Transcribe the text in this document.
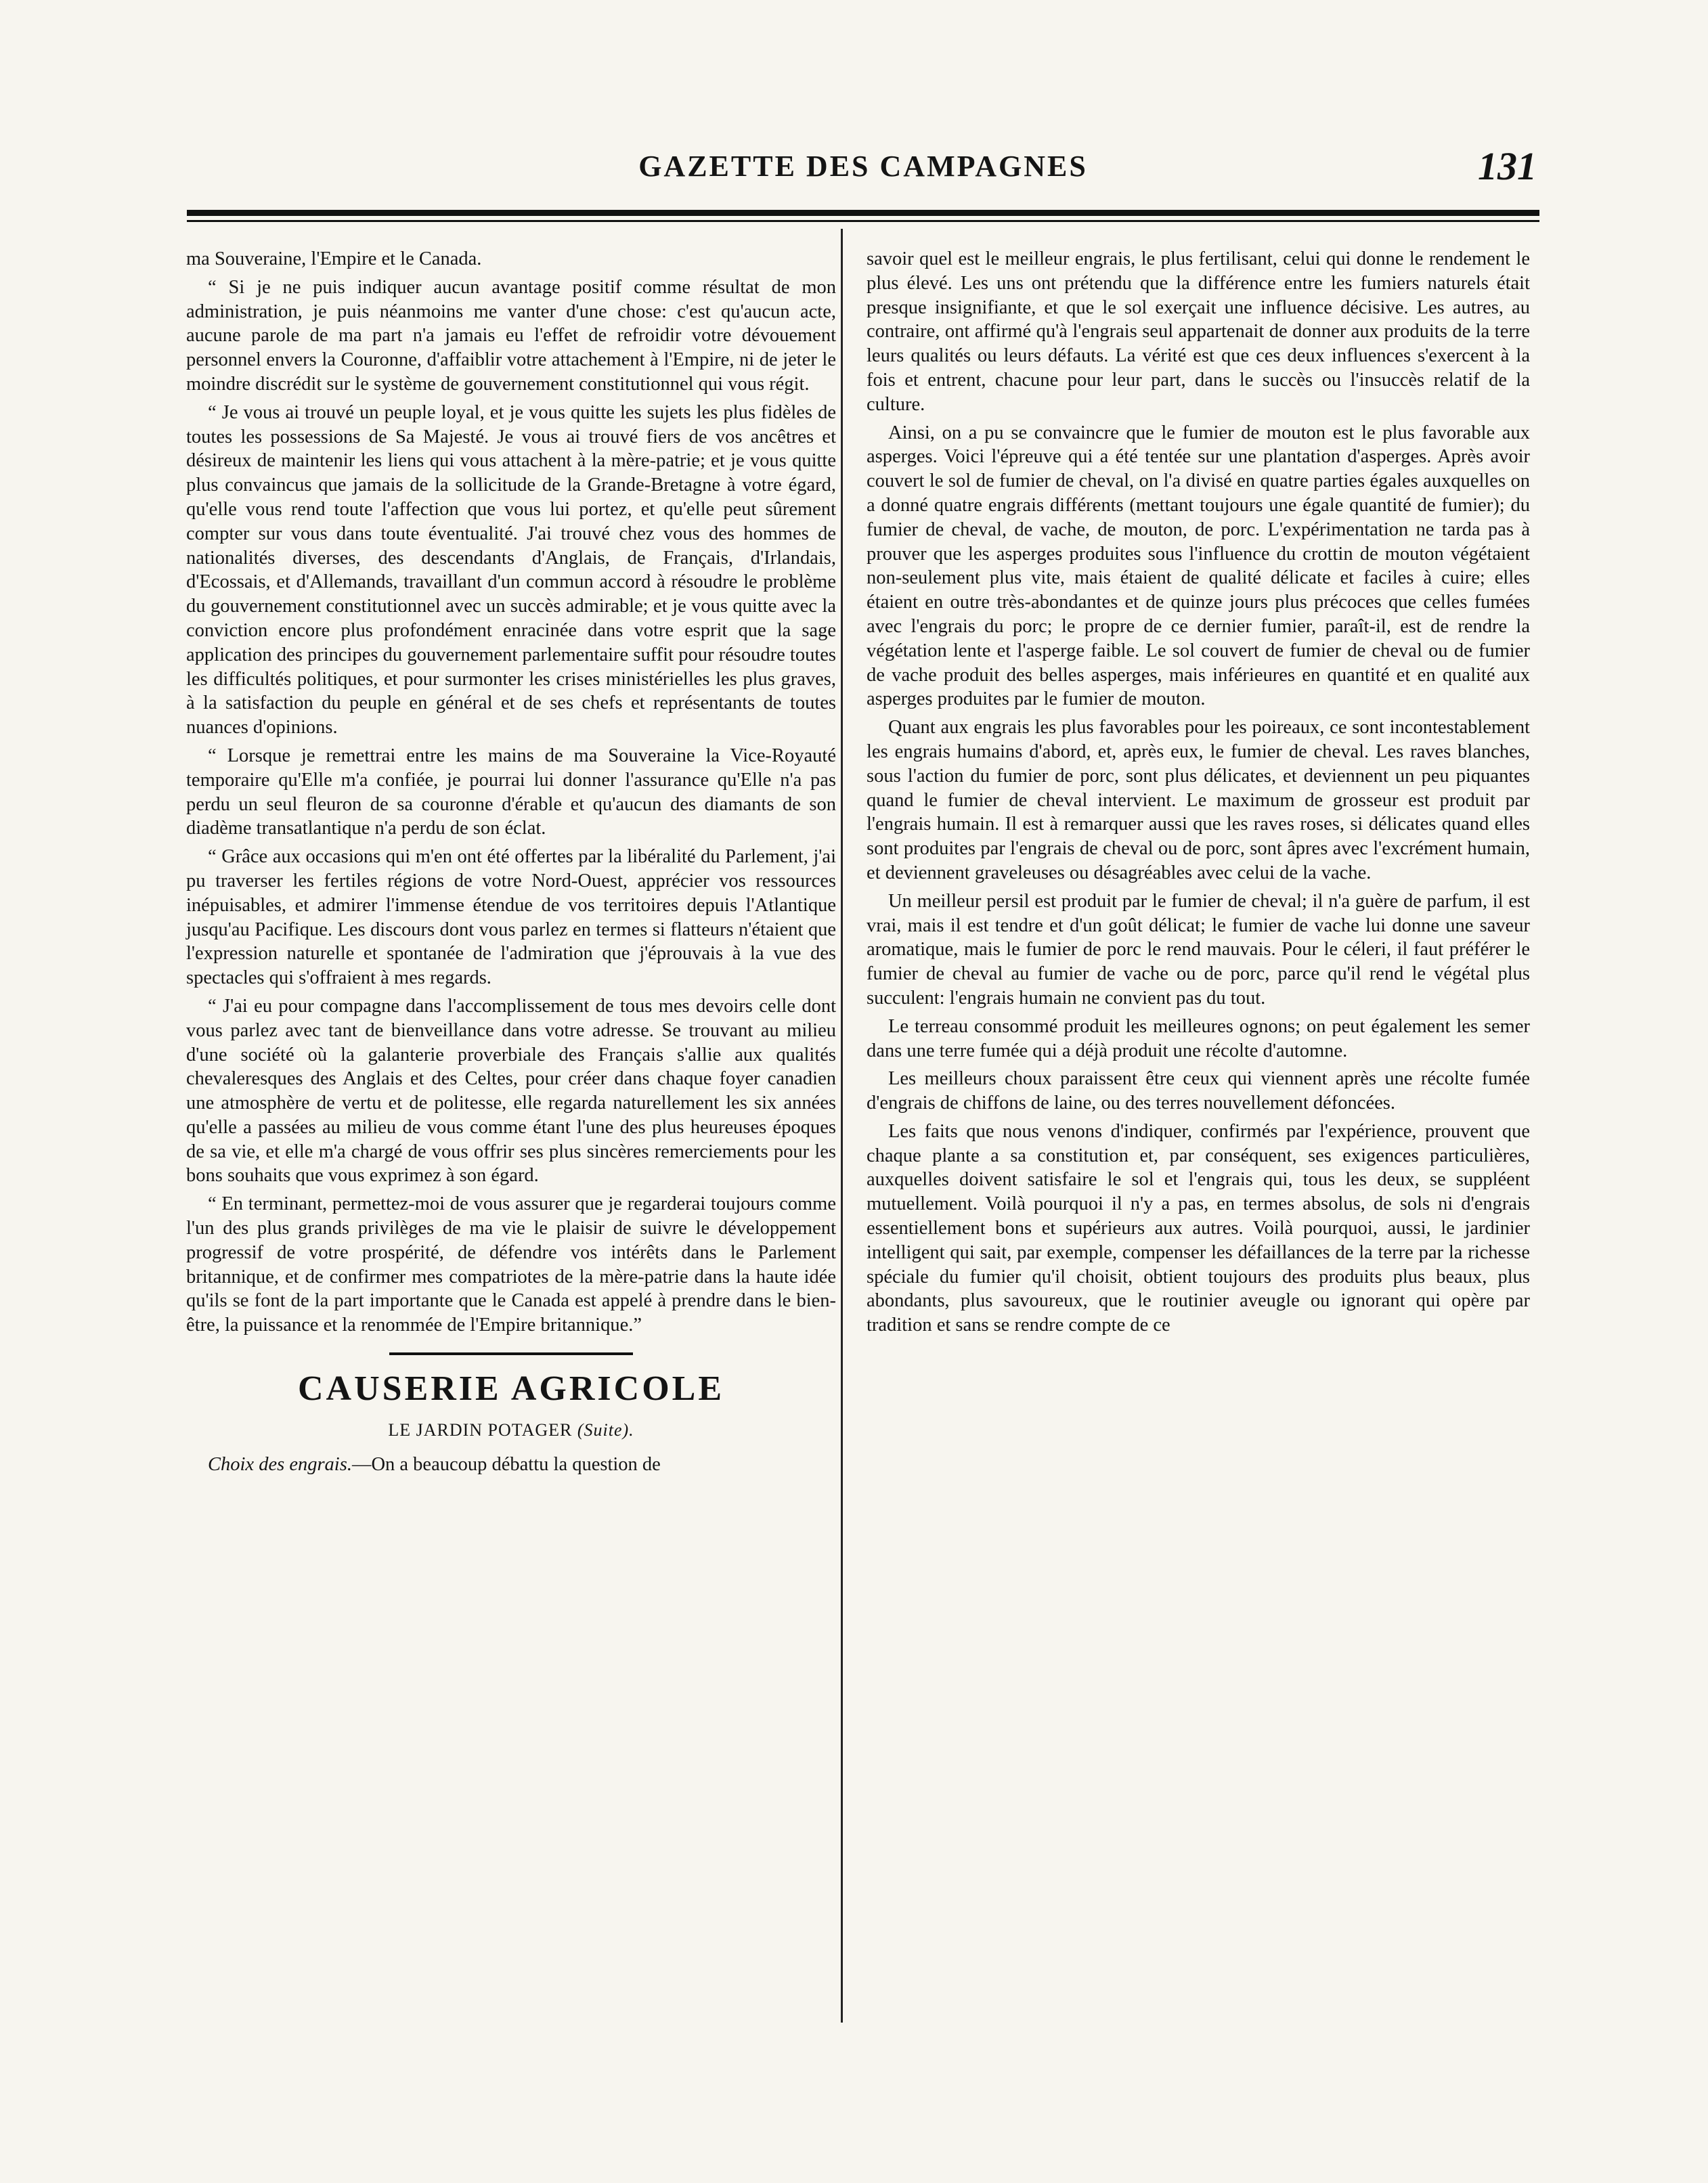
GAZETTE DES CAMPAGNES	131

ma Souveraine, l'Empire et le Canada.

“ Si je ne puis indiquer aucun avantage positif comme résultat de mon administration, je puis néanmoins me vanter d'une chose: c'est qu'aucun acte, aucune parole de ma part n'a jamais eu l'effet de refroidir votre dévouement personnel envers la Couronne, d'affaiblir votre attachement à l'Empire, ni de jeter le moindre discrédit sur le système de gouvernement constitutionnel qui vous régit.

“ Je vous ai trouvé un peuple loyal, et je vous quitte les sujets les plus fidèles de toutes les possessions de Sa Majesté. Je vous ai trouvé fiers de vos ancêtres et désireux de maintenir les liens qui vous attachent à la mère-patrie; et je vous quitte plus convaincus que jamais de la sollicitude de la Grande-Bretagne à votre égard, qu'elle vous rend toute l'affection que vous lui portez, et qu'elle peut sûrement compter sur vous dans toute éventualité. J'ai trouvé chez vous des hommes de nationalités diverses, des descendants d'Anglais, de Français, d'Irlandais, d'Ecossais, et d'Allemands, travaillant d'un commun accord à résoudre le problème du gouvernement constitutionnel avec un succès admirable; et je vous quitte avec la conviction encore plus profondément enracinée dans votre esprit que la sage application des principes du gouvernement parlementaire suffit pour résoudre toutes les difficultés politiques, et pour surmonter les crises ministérielles les plus graves, à la satisfaction du peuple en général et de ses chefs et représentants de toutes nuances d'opinions.

“ Lorsque je remettrai entre les mains de ma Souveraine la Vice-Royauté temporaire qu'Elle m'a confiée, je pourrai lui donner l'assurance qu'Elle n'a pas perdu un seul fleuron de sa couronne d'érable et qu'aucun des diamants de son diadème transatlantique n'a perdu de son éclat.

“ Grâce aux occasions qui m'en ont été offertes par la libéralité du Parlement, j'ai pu traverser les fertiles régions de votre Nord-Ouest, apprécier vos ressources inépuisables, et admirer l'immense étendue de vos territoires depuis l'Atlantique jusqu'au Pacifique. Les discours dont vous parlez en termes si flatteurs n'étaient que l'expression naturelle et spontanée de l'admiration que j'éprouvais à la vue des spectacles qui s'offraient à mes regards.

“ J'ai eu pour compagne dans l'accomplissement de tous mes devoirs celle dont vous parlez avec tant de bienveillance dans votre adresse. Se trouvant au milieu d'une société où la galanterie proverbiale des Français s'allie aux qualités chevaleresques des Anglais et des Celtes, pour créer dans chaque foyer canadien une atmosphère de vertu et de politesse, elle regarda naturellement les six années qu'elle a passées au milieu de vous comme étant l'une des plus heureuses époques de sa vie, et elle m'a chargé de vous offrir ses plus sincères remerciements pour les bons souhaits que vous exprimez à son égard.

“ En terminant, permettez-moi de vous assurer que je regarderai toujours comme l'un des plus grands privilèges de ma vie le plaisir de suivre le développement progressif de votre prospérité, de défendre vos intérêts dans le Parlement britannique, et de confirmer mes compatriotes de la mère-patrie dans la haute idée qu'ils se font de la part importante que le Canada est appelé à prendre dans le bien-être, la puissance et la renommée de l'Empire britannique.”

CAUSERIE AGRICOLE
LE JARDIN POTAGER (Suite).

Choix des engrais.—On a beaucoup débattu la question de

savoir quel est le meilleur engrais, le plus fertilisant, celui qui donne le rendement le plus élevé. Les uns ont prétendu que la différence entre les fumiers naturels était presque insignifiante, et que le sol exerçait une influence décisive. Les autres, au contraire, ont affirmé qu'à l'engrais seul appartenait de donner aux produits de la terre leurs qualités ou leurs défauts. La vérité est que ces deux influences s'exercent à la fois et entrent, chacune pour leur part, dans le succès ou l'insuccès relatif de la culture.

Ainsi, on a pu se convaincre que le fumier de mouton est le plus favorable aux asperges. Voici l'épreuve qui a été tentée sur une plantation d'asperges. Après avoir couvert le sol de fumier de cheval, on l'a divisé en quatre parties égales auxquelles on a donné quatre engrais différents (mettant toujours une égale quantité de fumier); du fumier de cheval, de vache, de mouton, de porc. L'expérimentation ne tarda pas à prouver que les asperges produites sous l'influence du crottin de mouton végétaient non-seulement plus vite, mais étaient de qualité délicate et faciles à cuire; elles étaient en outre très-abondantes et de quinze jours plus précoces que celles fumées avec l'engrais du porc; le propre de ce dernier fumier, paraît-il, est de rendre la végétation lente et l'asperge faible. Le sol couvert de fumier de cheval ou de fumier de vache produit des belles asperges, mais inférieures en quantité et en qualité aux asperges produites par le fumier de mouton.

Quant aux engrais les plus favorables pour les poireaux, ce sont incontestablement les engrais humains d'abord, et, après eux, le fumier de cheval. Les raves blanches, sous l'action du fumier de porc, sont plus délicates, et deviennent un peu piquantes quand le fumier de cheval intervient. Le maximum de grosseur est produit par l'engrais humain. Il est à remarquer aussi que les raves roses, si délicates quand elles sont produites par l'engrais de cheval ou de porc, sont âpres avec l'excrément humain, et deviennent graveleuses ou désagréables avec celui de la vache.

Un meilleur persil est produit par le fumier de cheval; il n'a guère de parfum, il est vrai, mais il est tendre et d'un goût délicat; le fumier de vache lui donne une saveur aromatique, mais le fumier de porc le rend mauvais. Pour le céleri, il faut préférer le fumier de cheval au fumier de vache ou de porc, parce qu'il rend le végétal plus succulent: l'engrais humain ne convient pas du tout.

Le terreau consommé produit les meilleures ognons; on peut également les semer dans une terre fumée qui a déjà produit une récolte d'automne.

Les meilleurs choux paraissent être ceux qui viennent après une récolte fumée d'engrais de chiffons de laine, ou des terres nouvellement défoncées.

Les faits que nous venons d'indiquer, confirmés par l'expérience, prouvent que chaque plante a sa constitution et, par conséquent, ses exigences particulières, auxquelles doivent satisfaire le sol et l'engrais qui, tous les deux, se suppléent mutuellement. Voilà pourquoi il n'y a pas, en termes absolus, de sols ni d'engrais essentiellement bons et supérieurs aux autres. Voilà pourquoi, aussi, le jardinier intelligent qui sait, par exemple, compenser les défaillances de la terre par la richesse spéciale du fumier qu'il choisit, obtient toujours des produits plus beaux, plus abondants, plus savoureux, que le routinier aveugle ou ignorant qui opère par tradition et sans se rendre compte de ce
